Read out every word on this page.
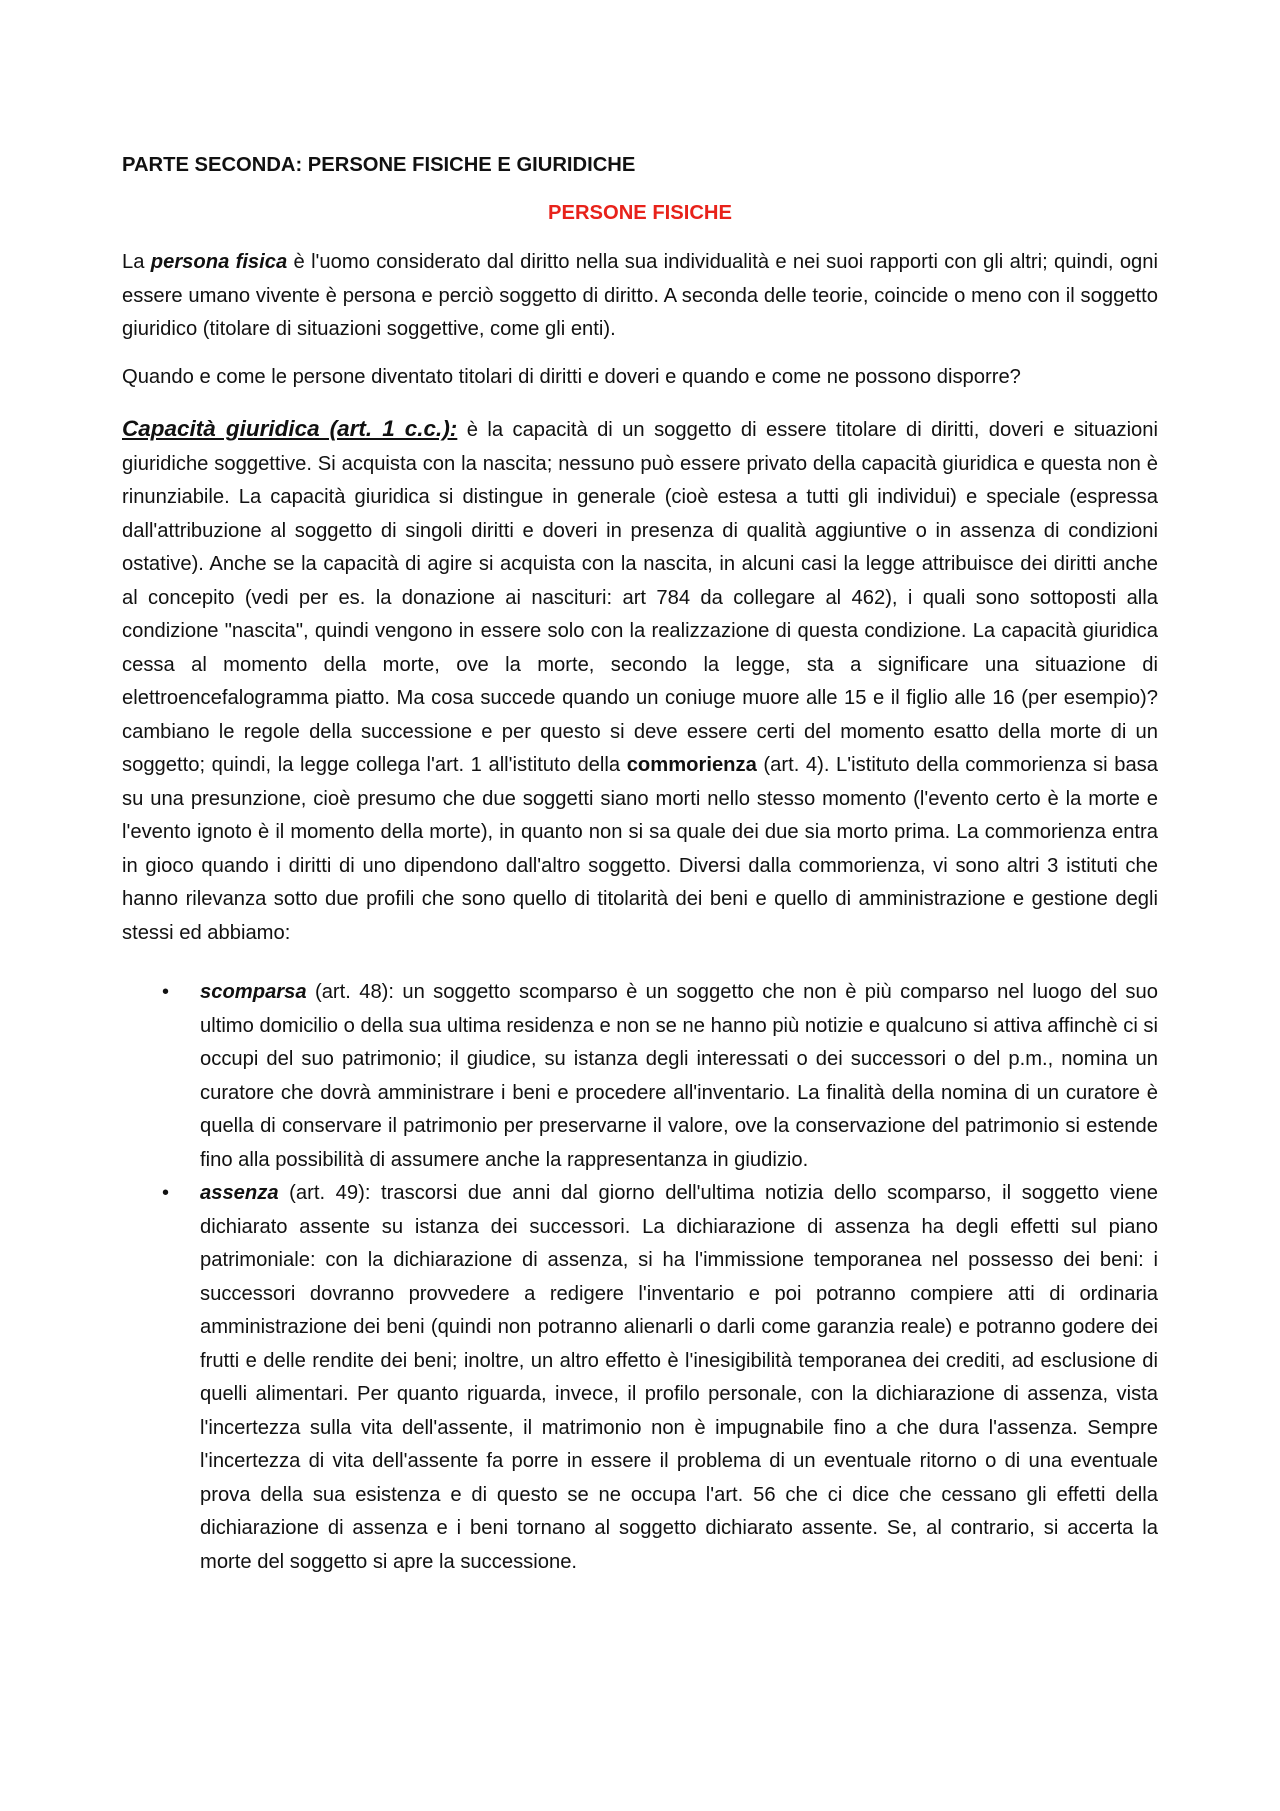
PARTE SECONDA: PERSONE FISICHE E GIURIDICHE
PERSONE FISICHE

La persona fisica è l'uomo considerato dal diritto nella sua individualità e nei suoi rapporti con gli altri; quindi, ogni essere umano vivente è persona e perciò soggetto di diritto. A seconda delle teorie, coincide o meno con il soggetto giuridico (titolare di situazioni soggettive, come gli enti).

Quando e come le persone diventato titolari di diritti e doveri e quando e come ne possono disporre?

Capacità giuridica (art. 1 c.c.): è la capacità di un soggetto di essere titolare di diritti, doveri e situazioni giuridiche soggettive. Si acquista con la nascita; nessuno può essere privato della capacità giuridica e questa non è rinunziabile. La capacità giuridica si distingue in generale (cioè estesa a tutti gli individui) e speciale (espressa dall'attribuzione al soggetto di singoli diritti e doveri in presenza di qualità aggiuntive o in assenza di condizioni ostative). Anche se la capacità di agire si acquista con la nascita, in alcuni casi la legge attribuisce dei diritti anche al concepito (vedi per es. la donazione ai nascituri: art 784 da collegare al 462), i quali sono sottoposti alla condizione "nascita", quindi vengono in essere solo con la realizzazione di questa condizione. La capacità giuridica cessa al momento della morte, ove la morte, secondo la legge, sta a significare una situazione di elettroencefalogramma piatto. Ma cosa succede quando un coniuge muore alle 15 e il figlio alle 16 (per esempio)? cambiano le regole della successione e per questo si deve essere certi del momento esatto della morte di un soggetto; quindi, la legge collega l'art. 1 all'istituto della commorienza (art. 4). L'istituto della commorienza si basa su una presunzione, cioè presumo che due soggetti siano morti nello stesso momento (l'evento certo è la morte e l'evento ignoto è il momento della morte), in quanto non si sa quale dei due sia morto prima. La commorienza entra in gioco quando i diritti di uno dipendono dall'altro soggetto. Diversi dalla commorienza, vi sono altri 3 istituti che hanno rilevanza sotto due profili che sono quello di titolarità dei beni e quello di amministrazione e gestione degli stessi ed abbiamo:

• scomparsa (art. 48): un soggetto scomparso è un soggetto che non è più comparso nel luogo del suo ultimo domicilio o della sua ultima residenza e non se ne hanno più notizie e qualcuno si attiva affinchè ci si occupi del suo patrimonio; il giudice, su istanza degli interessati o dei successori o del p.m., nomina un curatore che dovrà amministrare i beni e procedere all'inventario. La finalità della nomina di un curatore è quella di conservare il patrimonio per preservarne il valore, ove la conservazione del patrimonio si estende fino alla possibilità di assumere anche la rappresentanza in giudizio.
• assenza (art. 49): trascorsi due anni dal giorno dell'ultima notizia dello scomparso, il soggetto viene dichiarato assente su istanza dei successori. La dichiarazione di assenza ha degli effetti sul piano patrimoniale: con la dichiarazione di assenza, si ha l'immissione temporanea nel possesso dei beni: i successori dovranno provvedere a redigere l'inventario e poi potranno compiere atti di ordinaria amministrazione dei beni (quindi non potranno alienarli o darli come garanzia reale) e potranno godere dei frutti e delle rendite dei beni; inoltre, un altro effetto è l'inesigibilità temporanea dei crediti, ad esclusione di quelli alimentari. Per quanto riguarda, invece, il profilo personale, con la dichiarazione di assenza, vista l'incertezza sulla vita dell'assente, il matrimonio non è impugnabile fino a che dura l'assenza. Sempre l'incertezza di vita dell'assente fa porre in essere il problema di un eventuale ritorno o di una eventuale prova della sua esistenza e di questo se ne occupa l'art. 56 che ci dice che cessano gli effetti della dichiarazione di assenza e i beni tornano al soggetto dichiarato assente. Se, al contrario, si accerta la morte del soggetto si apre la successione.
